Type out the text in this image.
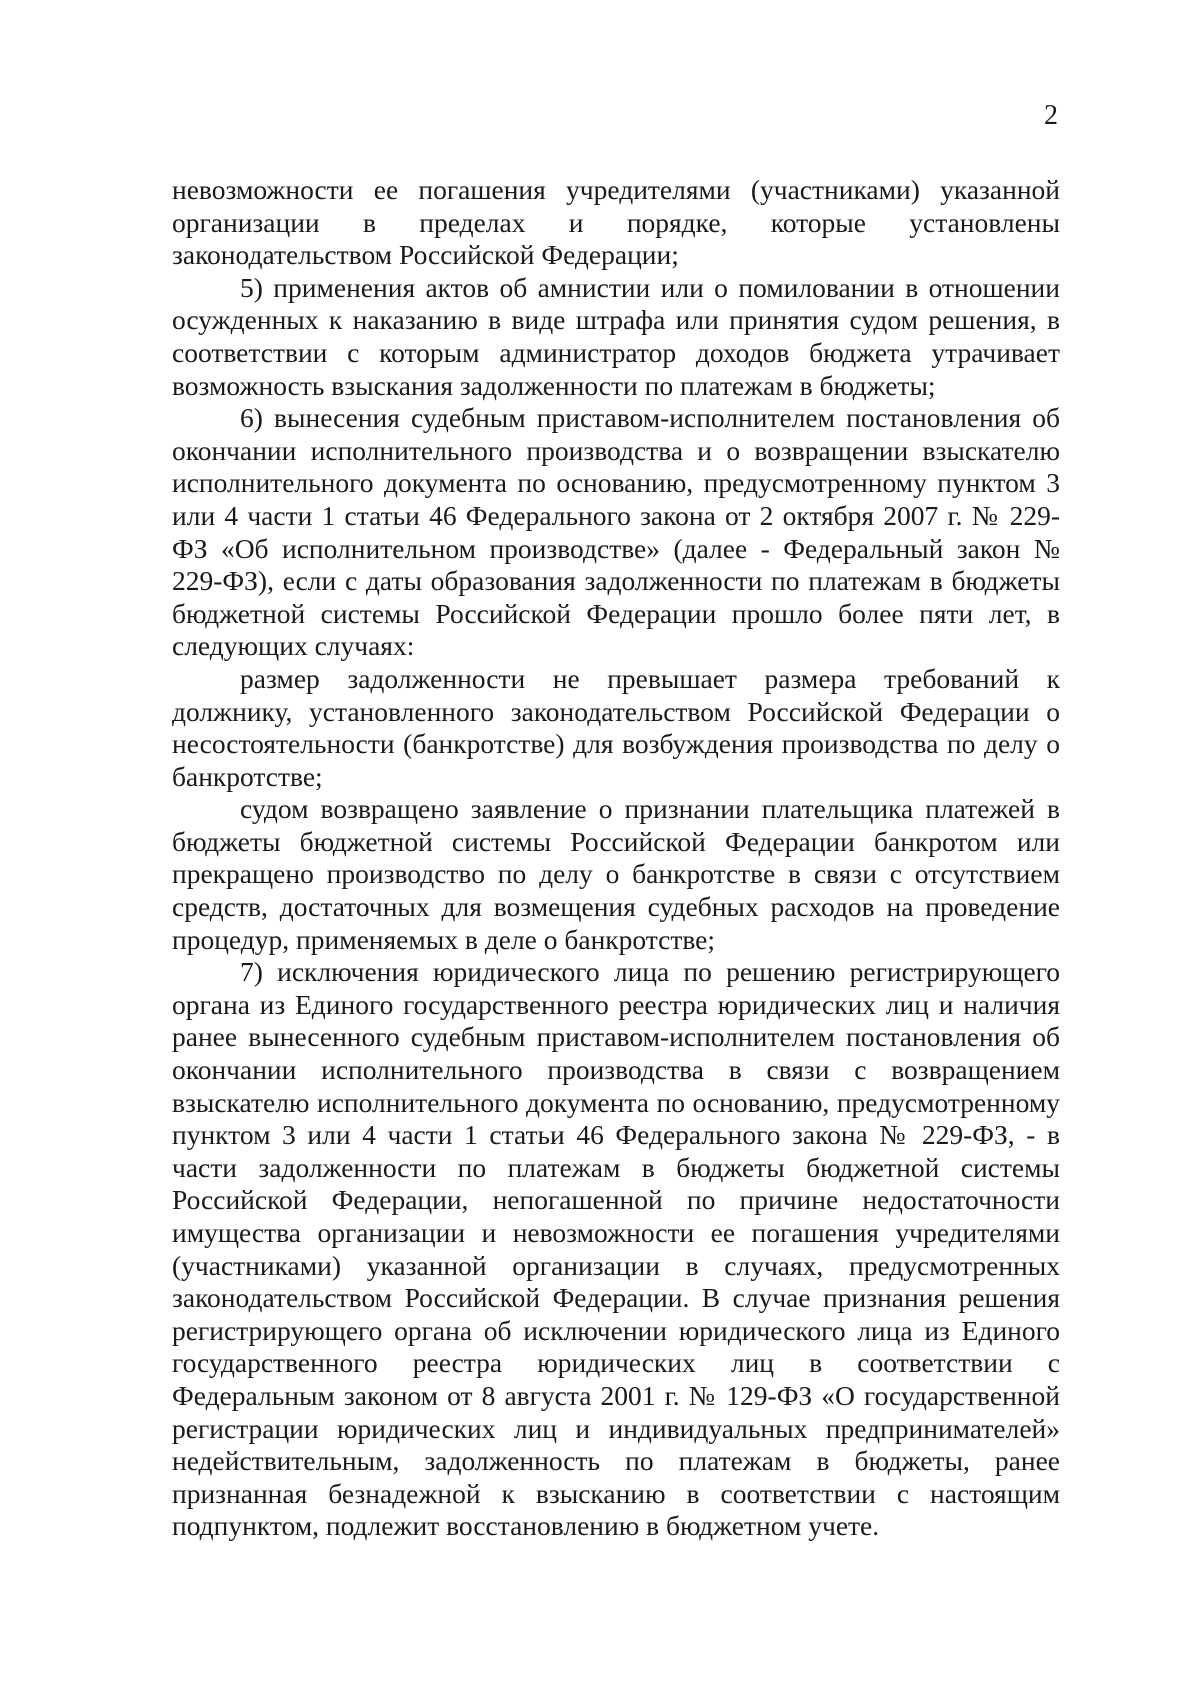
2

невозможности ее погашения учредителями (участниками) указанной организации в пределах и порядке, которые установлены законодательством Российской Федерации;

5) применения актов об амнистии или о помиловании в отношении осужденных к наказанию в виде штрафа или принятия судом решения, в соответствии с которым администратор доходов бюджета утрачивает возможность взыскания задолженности по платежам в бюджеты;

6) вынесения судебным приставом-исполнителем постановления об окончании исполнительного производства и о возвращении взыскателю исполнительного документа по основанию, предусмотренному пунктом 3 или 4 части 1 статьи 46 Федерального закона от 2 октября 2007 г. № 229-ФЗ «Об исполнительном производстве» (далее - Федеральный закон № 229-ФЗ), если с даты образования задолженности по платежам в бюджеты бюджетной системы Российской Федерации прошло более пяти лет, в следующих случаях:

размер задолженности не превышает размера требований к должнику, установленного законодательством Российской Федерации о несостоятельности (банкротстве) для возбуждения производства по делу о банкротстве;

судом возвращено заявление о признании плательщика платежей в бюджеты бюджетной системы Российской Федерации банкротом или прекращено производство по делу о банкротстве в связи с отсутствием средств, достаточных для возмещения судебных расходов на проведение процедур, применяемых в деле о банкротстве;

7) исключения юридического лица по решению регистрирующего органа из Единого государственного реестра юридических лиц и наличия ранее вынесенного судебным приставом-исполнителем постановления об окончании исполнительного производства в связи с возвращением взыскателю исполнительного документа по основанию, предусмотренному пунктом 3 или 4 части 1 статьи 46 Федерального закона № 229-ФЗ, - в части задолженности по платежам в бюджеты бюджетной системы Российской Федерации, непогашенной по причине недостаточности имущества организации и невозможности ее погашения учредителями (участниками) указанной организации в случаях, предусмотренных законодательством Российской Федерации. В случае признания решения регистрирующего органа об исключении юридического лица из Единого государственного реестра юридических лиц в соответствии с Федеральным законом от 8 августа 2001 г. № 129-ФЗ «О государственной регистрации юридических лиц и индивидуальных предпринимателей» недействительным, задолженность по платежам в бюджеты, ранее признанная безнадежной к взысканию в соответствии с настоящим подпунктом, подлежит восстановлению в бюджетном учете.
